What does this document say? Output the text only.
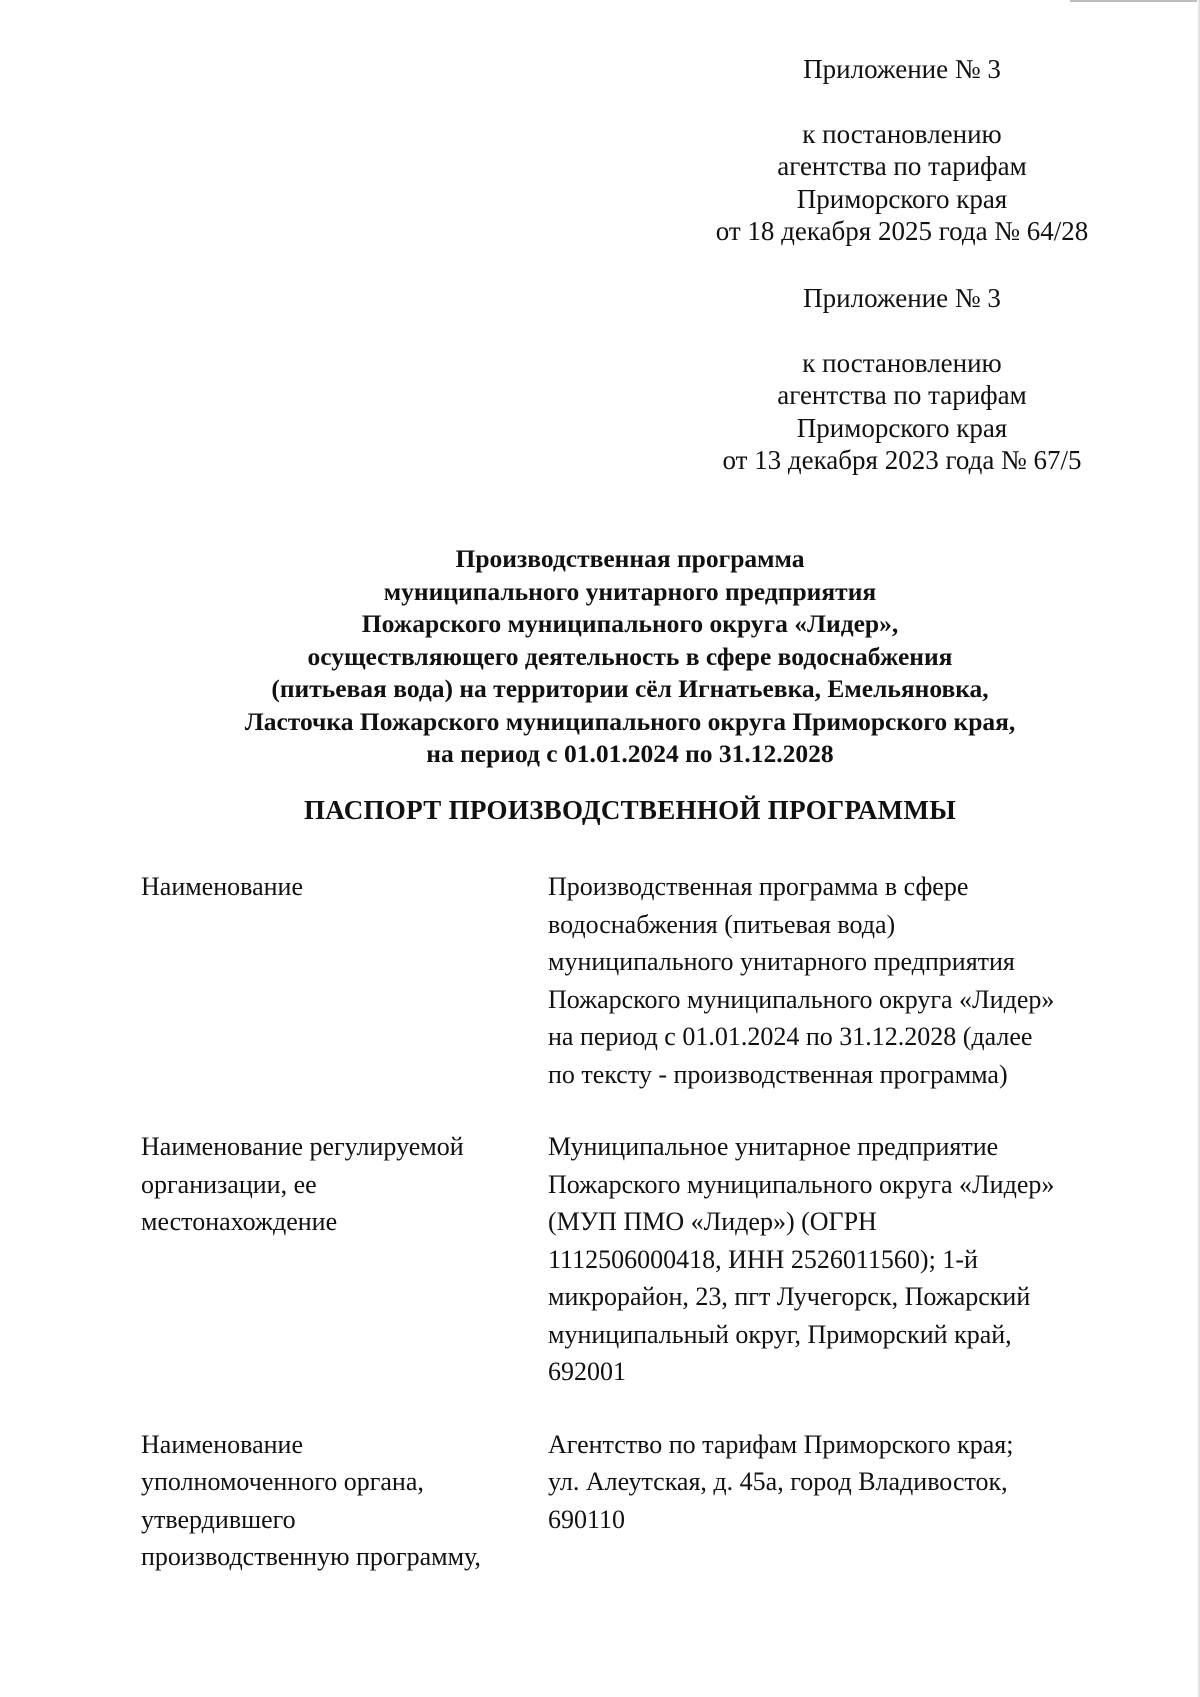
Приложение № 3

к постановлению

агентства по тарифам

Приморского края

от 18 декабря 2025 года № 64/28

Приложение № 3

к постановлению

агентства по тарифам

Приморского края

от 13 декабря 2023 года № 67/5

Производственная программа

муниципального унитарного предприятия

Пожарского муниципального округа «Лидер»,

осуществляющего деятельность в сфере водоснабжения

(питьевая вода) на территории сёл Игнатьевка, Емельяновка,

Ласточка Пожарского муниципального округа Приморского края,

на период с 01.01.2024 по 31.12.2028

ПАСПОРТ ПРОИЗВОДСТВЕННОЙ ПРОГРАММЫ

Наименование	Производственная программа в сфере

водоснабжения (питьевая вода)

муниципального унитарного предприятия

Пожарского муниципального округа «Лидер»

на период с 01.01.2024 по 31.12.2028 (далее

по тексту - производственная программа)

Наименование регулируемой

организации, ее

местонахождение

Муниципальное унитарное предприятие

Пожарского муниципального округа «Лидер»

(МУП ПМО «Лидер») (ОГРН

1112506000418, ИНН 2526011560); 1-й

микрорайон, 23, пгт Лучегорск, Пожарский

муниципальный округ, Приморский край,

692001

Наименование

уполномоченного органа,

утвердившего

производственную программу,

Агентство по тарифам Приморского края;

ул. Алеутская, д. 45а, город Владивосток,

690110
